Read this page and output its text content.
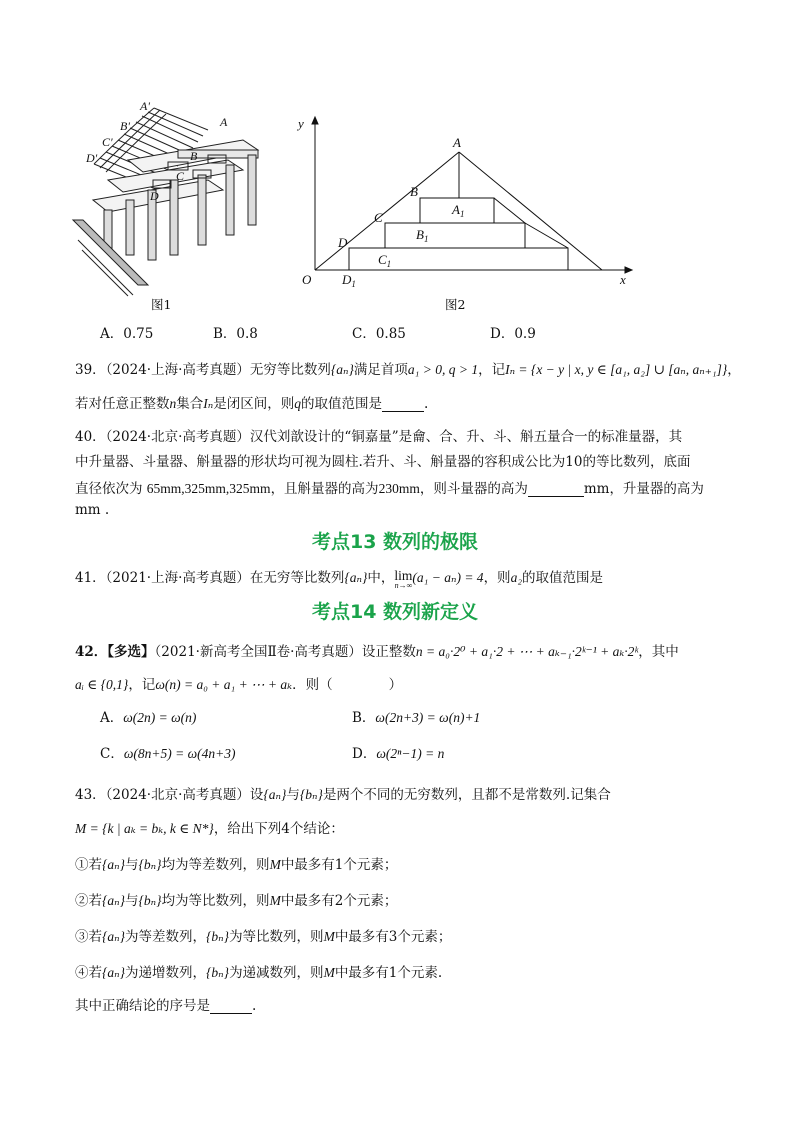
A'
A
B'
B
C'
C
D'
D
图1
y
x
O
A
B
C
D
$A_1$
$B_1$
$C_1$
$D_1$
图2
A．0.75	B．0.8	C．0.85	D．0.9
39．（2024·上海·高考真题）无穷等比数列{aₙ}满足首项a₁ > 0, q > 1，记Iₙ = {x − y | x, y ∈ [a₁, a₂] ∪ [aₙ, aₙ₊₁]}，
若对任意正整数n集合Iₙ是闭区间，则q的取值范围是	.
40．（2024·北京·高考真题）汉代刘歆设计的“铜嘉量”是龠、合、升、斗、斛五量合一的标准量器，其
中升量器、斗量器、斛量器的形状均可视为圆柱.若升、斗、斛量器的容积成公比为10的等比数列，底面
直径依次为 65mm,325mm,325mm，且斛量器的高为230mm，则斗量器的高为	mm，升量器的高为
mm .
考点13 数列的极限
41．（2021·上海·高考真题）在无穷等比数列{aₙ}中， lim
n→∞
(a₁ − aₙ) = 4，则a₂的取值范围是
考点14 数列新定义
42．【多选】（2021·新高考全国Ⅱ卷·高考真题）设正整数n = a₀·2⁰ + a₁·2 + ⋯ + aₖ₋₁·2ᵏ⁻¹ + aₖ·2ᵏ，其中
aᵢ ∈ {0,1}，记ω(n) = a₀ + a₁ + ⋯ + aₖ．则（	）
A．ω(2n) = ω(n)	B．ω(2n+3) = ω(n)+1
C．ω(8n+5) = ω(4n+3)	D．ω(2ⁿ−1) = n
43．（2024·北京·高考真题）设{aₙ}与{bₙ}是两个不同的无穷数列，且都不是常数列.记集合
M = {k | aₖ = bₖ, k ∈ N*}，给出下列4个结论：
①若{aₙ}与{bₙ}均为等差数列，则M中最多有1个元素；
②若{aₙ}与{bₙ}均为等比数列，则M中最多有2个元素；
③若{aₙ}为等差数列，{bₙ}为等比数列，则M中最多有3个元素；
④若{aₙ}为递增数列，{bₙ}为递减数列，则M中最多有1个元素.
其中正确结论的序号是	.
